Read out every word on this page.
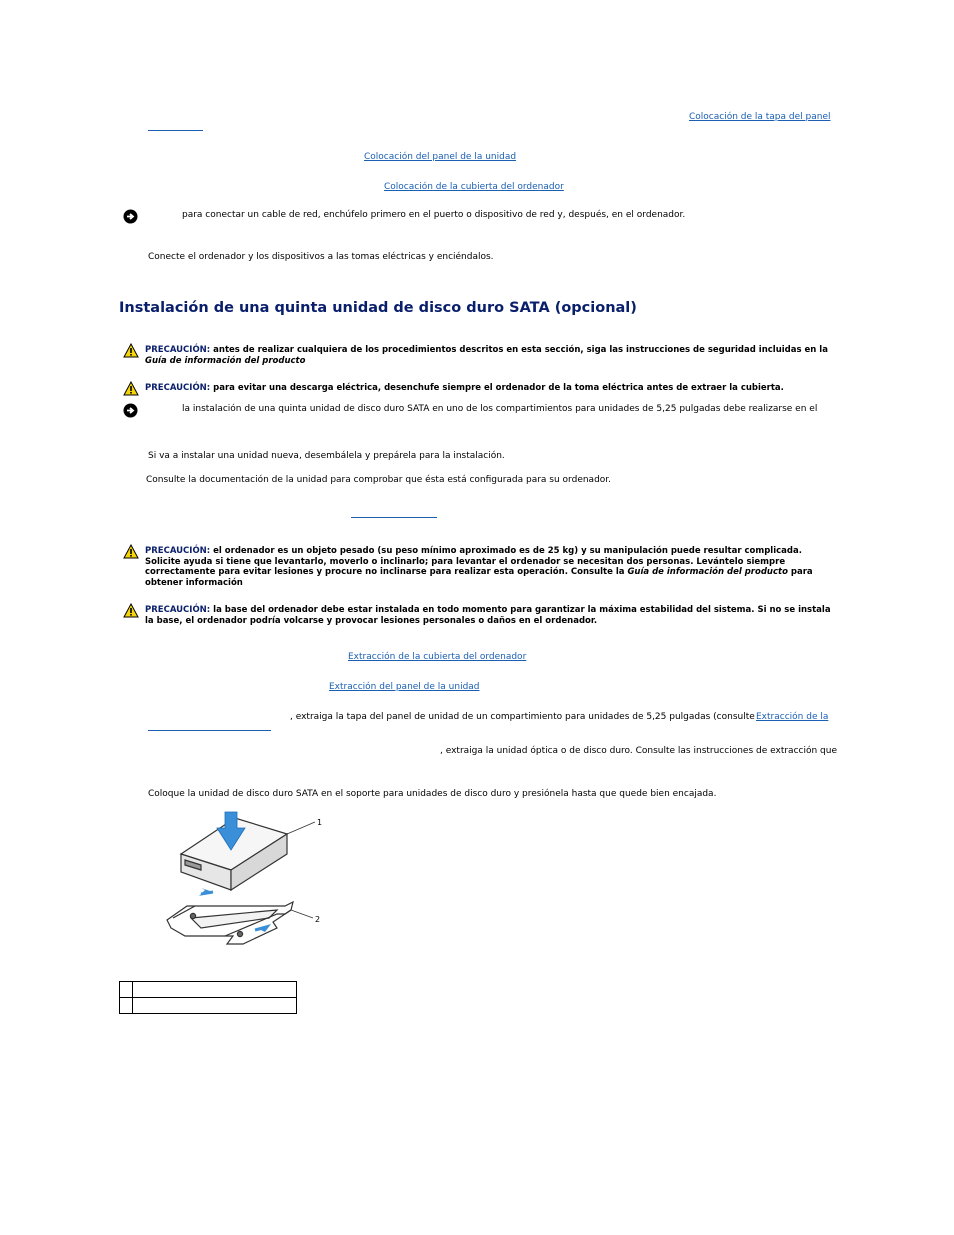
Colocación de la tapa del panel
Colocación del panel de la unidad
Colocación de la cubierta del ordenador
para conectar un cable de red, enchúfelo primero en el puerto o dispositivo de red y, después, en el ordenador.
Conecte el ordenador y los dispositivos a las tomas eléctricas y enciéndalos.
Instalación de una quinta unidad de disco duro SATA (opcional)
PRECAUCIÓN: antes de realizar cualquiera de los procedimientos descritos en esta sección, siga las instrucciones de seguridad incluidas en la
Guía de información del producto
PRECAUCIÓN: para evitar una descarga eléctrica, desenchufe siempre el ordenador de la toma eléctrica antes de extraer la cubierta.
la instalación de una quinta unidad de disco duro SATA en uno de los compartimientos para unidades de 5,25 pulgadas debe realizarse en el
Si va a instalar una unidad nueva, desembálela y prepárela para la instalación.
Consulte la documentación de la unidad para comprobar que ésta está configurada para su ordenador.
PRECAUCIÓN: el ordenador es un objeto pesado (su peso mínimo aproximado es de 25 kg) y su manipulación puede resultar complicada. Solicite ayuda si tiene que levantarlo, moverlo o inclinarlo; para levantar el ordenador se necesitan dos personas. Levántelo siempre correctamente para evitar lesiones y procure no inclinarse para realizar esta operación. Consulte la Guía de información del producto para obtener información
PRECAUCIÓN: la base del ordenador debe estar instalada en todo momento para garantizar la máxima estabilidad del sistema. Si no se instala la base, el ordenador podría volcarse y provocar lesiones personales o daños en el ordenador.
Extracción de la cubierta del ordenador
Extracción del panel de la unidad
, extraiga la tapa del panel de unidad de un compartimiento para unidades de 5,25 pulgadas (consulte Extracción de la
, extraiga la unidad óptica o de disco duro. Consulte las instrucciones de extracción que
Coloque la unidad de disco duro SATA en el soporte para unidades de disco duro y presiónela hasta que quede bien encajada.
1
2
